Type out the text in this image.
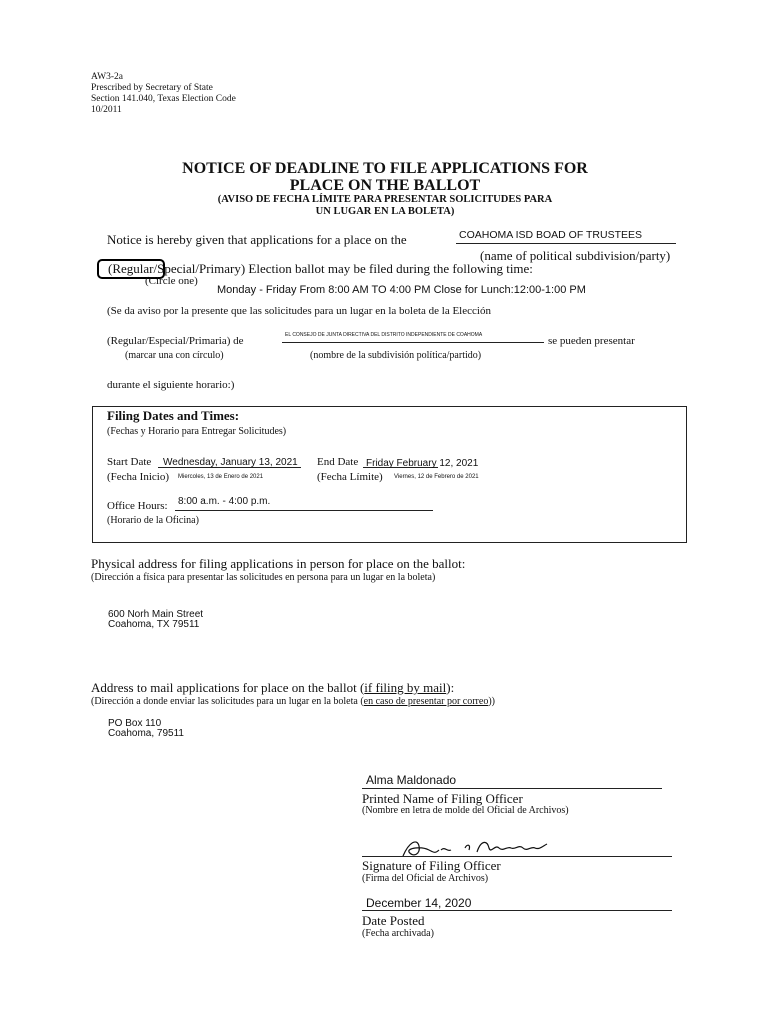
AW3-2a
Prescribed by Secretary of State
Section 141.040, Texas Election Code
10/2011
NOTICE OF DEADLINE TO FILE APPLICATIONS FOR
PLACE ON THE BALLOT
(AVISO DE FECHA LÍMITE PARA PRESENTAR SOLICITUDES PARA
UN LUGAR EN LA BOLETA)
Notice is hereby given that applications for a place on the	COAHOMA ISD BOAD OF TRUSTEES
(name of political subdivision/party)
(Regular/Special/Primary) Election ballot may be filed during the following time:
(Circle one)
Monday - Friday From 8:00 AM TO 4:00 PM Close for Lunch:12:00-1:00 PM
(Se da aviso por la presente que las solicitudes para un lugar en la boleta de la Elección
(Regular/Especial/Primaria) de	EL CONSEJO DE JUNTA DIRECTIVA DEL DISTRITO INDEPENDIENTE DE COAHOMA	se pueden presentar
(marcar una con círculo)	(nombre de la subdivisión política/partido)
durante el siguiente horario:)
Filing Dates and Times:
(Fechas y Horario para Entregar Solicitudes)
Start Date Wednesday, January 13, 2021
(Fecha Inicio) Miercoles, 13 de Enero de 2021
End Date Friday February 12, 2021
(Fecha Límite) Viernes, 12 de Febrero de 2021
Office Hours: 8:00 a.m. - 4:00 p.m.
(Horario de la Oficina)
Physical address for filing applications in person for place on the ballot:
(Dirección a física para presentar las solicitudes en persona para un lugar en la boleta)
600 Norh Main Street
Coahoma, TX 79511
Address to mail applications for place on the ballot (if filing by mail):
(Dirección a donde enviar las solicitudes para un lugar en la boleta (en caso de presentar por correo))
PO Box 110
Coahoma, 79511
Alma Maldonado
Printed Name of Filing Officer
(Nombre en letra de molde del Oficial de Archivos)
Signature of Filing Officer
(Firma del Oficial de Archivos)
December 14, 2020
Date Posted
(Fecha archivada)
